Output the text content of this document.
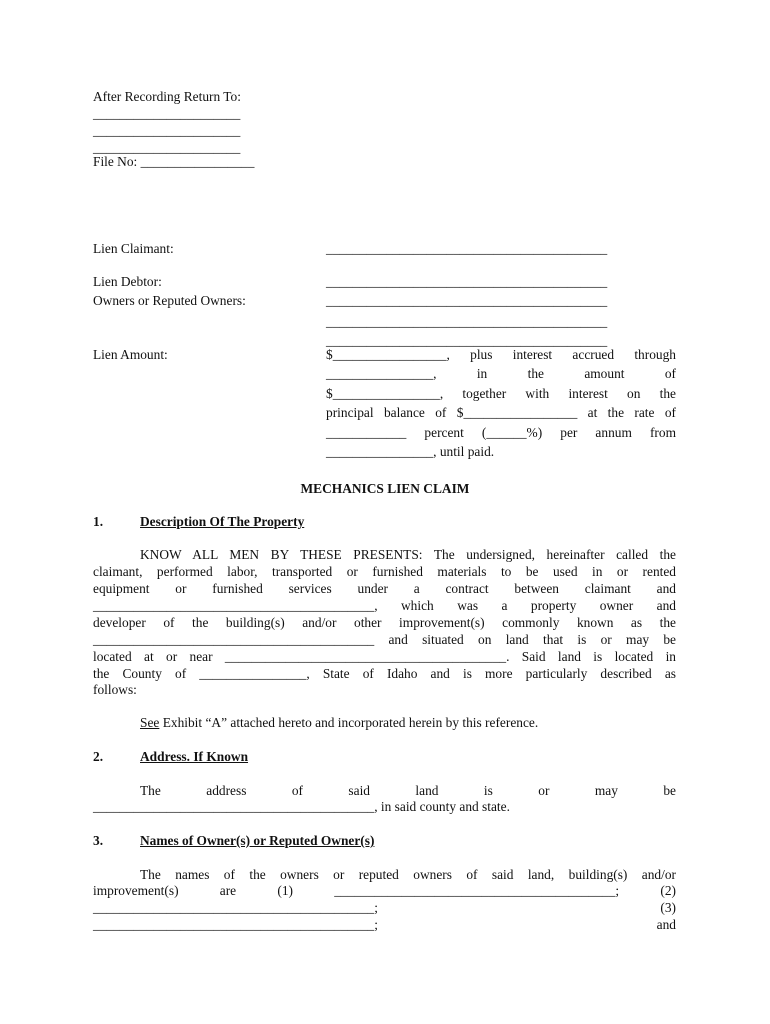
After Recording Return To:
______________________
______________________
______________________
File No: _________________
Lien Claimant:	__________________________________________
Lien Debtor:	__________________________________________
Owners or Reputed Owners:	__________________________________________
__________________________________________
__________________________________________
Lien Amount:	$_________________, plus interest accrued through
________________, in the amount of
$________________, together with interest on the
principal balance of $_________________ at the rate of
____________ percent (______%) per annum from
________________, until paid.
MECHANICS LIEN CLAIM
1.	Description Of The Property
KNOW ALL MEN BY THESE PRESENTS: The undersigned, hereinafter called the
claimant, performed labor, transported or furnished materials to be used in or rented
equipment or furnished services under a contract between claimant and
__________________________________________, which was a property owner and
developer of the building(s) and/or other improvement(s) commonly known as the
__________________________________________ and situated on land that is or may be
located at or near __________________________________________. Said land is located in
the County of ________________, State of Idaho and is more particularly described as
follows:
See Exhibit “A” attached hereto and incorporated herein by this reference.
2.	Address. If Known
The address of said land is or may be
__________________________________________, in said county and state.
3.	Names of Owner(s) or Reputed Owner(s)
The names of the owners or reputed owners of said land, building(s) and/or
improvement(s) are (1) __________________________________________; (2)
__________________________________________; (3)
__________________________________________; and
